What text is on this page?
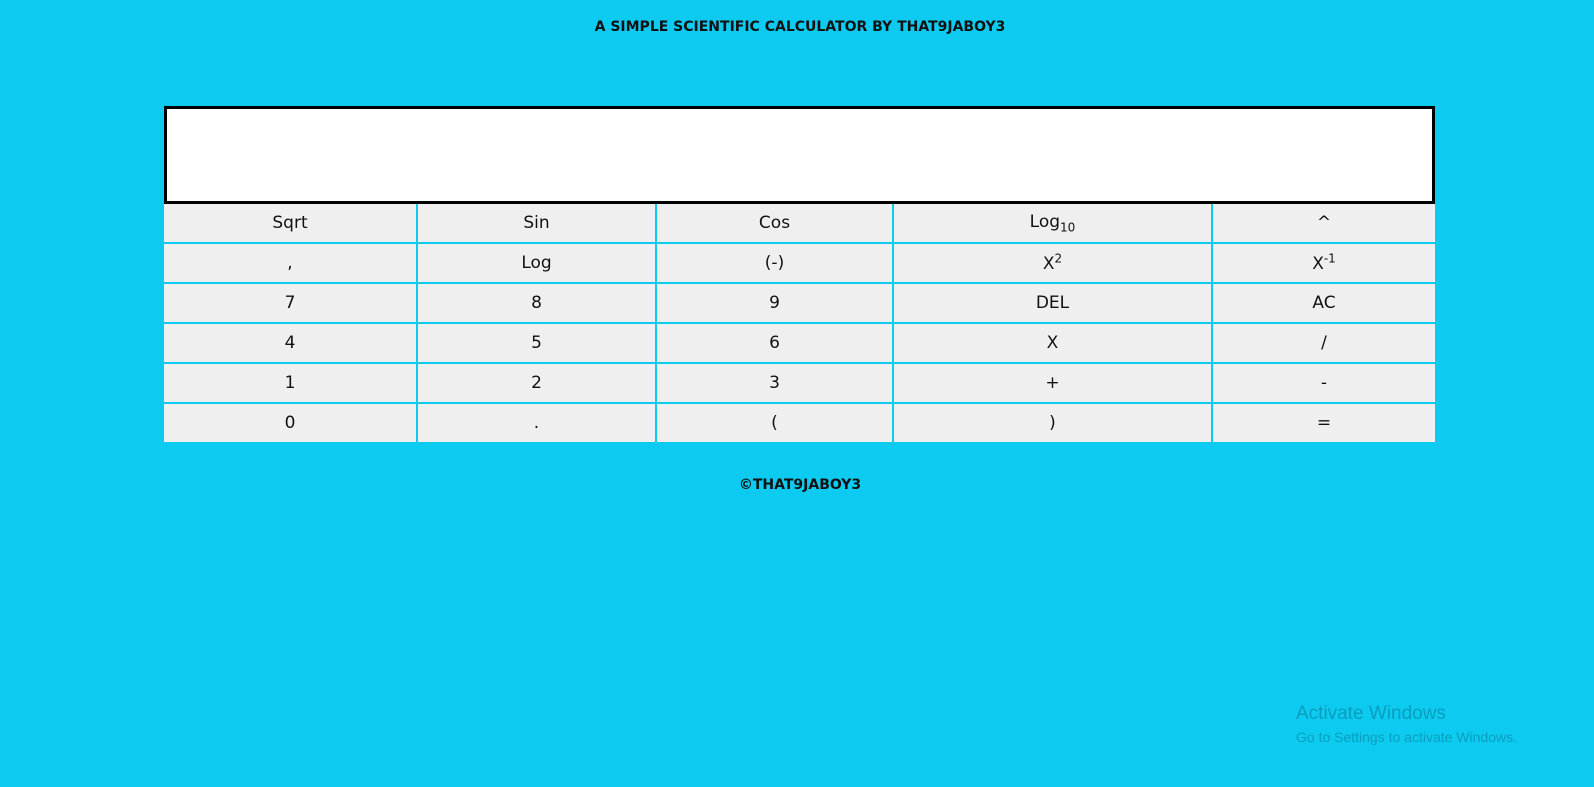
A SIMPLE SCIENTIFIC CALCULATOR BY THAT9JABOY3
Sqrt	Sin	Cos	Log$_{10}$	^
,	Log	(-)	$X^2$	$X^{-1}$
7	8	9	DEL	AC
4	5	6	X	/
1	2	3	+	-
0	.	(	)	=
©THAT9JABOY3
Activate Windows
Go to Settings to activate Windows.
